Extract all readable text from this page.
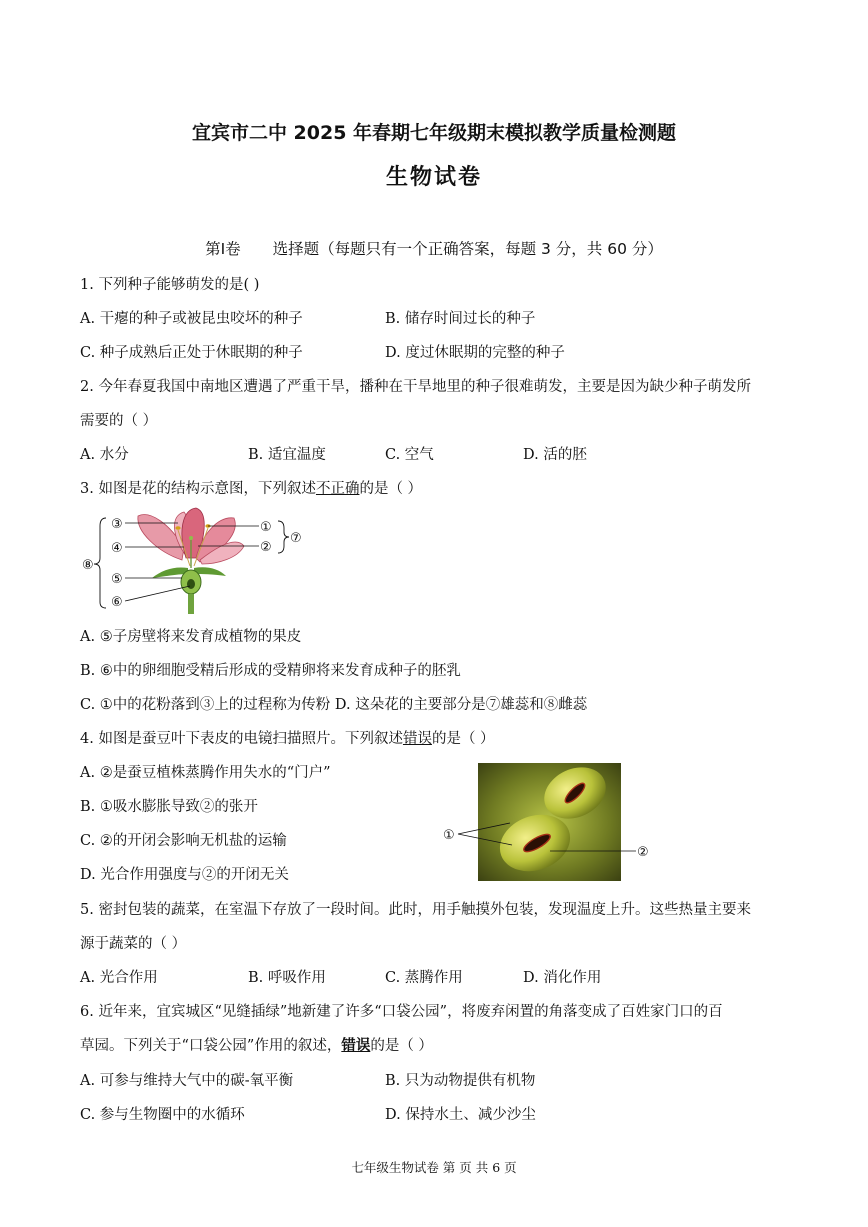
宜宾市二中 2025 年春期七年级期末模拟教学质量检测题
生物试卷
第Ⅰ卷 选择题（每题只有一个正确答案，每题 3 分，共 60 分）
1. 下列种子能够萌发的是( )
A. 干瘪的种子或被昆虫咬坏的种子	B. 储存时间过长的种子
C. 种子成熟后正处于休眠期的种子	D. 度过休眠期的完整的种子
2. 今年春夏我国中南地区遭遇了严重干旱，播种在干旱地里的种子很难萌发，主要是因为缺少种子萌发所
需要的（ ）
A. 水分	B. 适宜温度	C. 空气	D. 活的胚
3. 如图是花的结构示意图，下列叙述不正确的是（ ）
③
④
⑧
⑤
⑥
①
②
⑦
A. ⑤子房壁将来发育成植物的果皮
B. ⑥中的卵细胞受精后形成的受精卵将来发育成种子的胚乳
C. ①中的花粉落到③上的过程称为传粉 D. 这朵花的主要部分是⑦雄蕊和⑧雌蕊
4. 如图是蚕豆叶下表皮的电镜扫描照片。下列叙述错误的是（ ）
A. ②是蚕豆植株蒸腾作用失水的“门户”
B. ①吸水膨胀导致②的张开
C. ②的开闭会影响无机盐的运输
D. 光合作用强度与②的开闭无关
①
②
5. 密封包装的蔬菜，在室温下存放了一段时间。此时，用手触摸外包装，发现温度上升。这些热量主要来
源于蔬菜的（ ）
A. 光合作用	B. 呼吸作用	C. 蒸腾作用	D. 消化作用
6. 近年来，宜宾城区“见缝插绿”地新建了许多“口袋公园”，将废弃闲置的角落变成了百姓家门口的百
草园。下列关于“口袋公园”作用的叙述，错误的是（ ）
A. 可参与维持大气中的碳-氧平衡	B. 只为动物提供有机物
C. 参与生物圈中的水循环	D. 保持水土、减少沙尘
七年级生物试卷 第 页 共 6 页
